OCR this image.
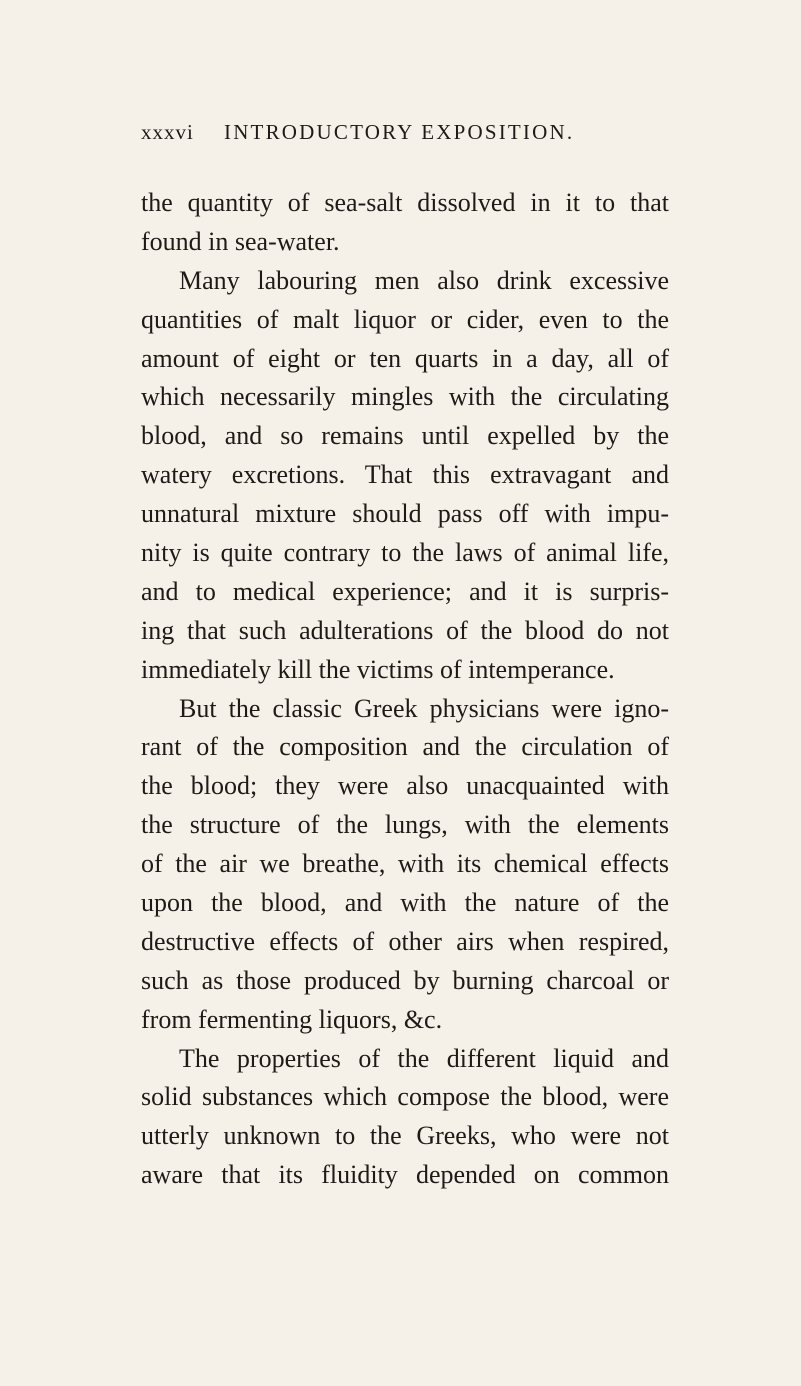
xxxvi INTRODUCTORY EXPOSITION.
the quantity of sea-salt dissolved in it to that
found in sea-water.
Many labouring men also drink excessive
quantities of malt liquor or cider, even to the
amount of eight or ten quarts in a day, all of
which necessarily mingles with the circulating
blood, and so remains until expelled by the
watery excretions. That this extravagant and
unnatural mixture should pass off with impu-
nity is quite contrary to the laws of animal life,
and to medical experience; and it is surpris-
ing that such adulterations of the blood do not
immediately kill the victims of intemperance.
But the classic Greek physicians were igno-
rant of the composition and the circulation of
the blood; they were also unacquainted with
the structure of the lungs, with the elements
of the air we breathe, with its chemical effects
upon the blood, and with the nature of the
destructive effects of other airs when respired,
such as those produced by burning charcoal or
from fermenting liquors, &c.
The properties of the different liquid and
solid substances which compose the blood, were
utterly unknown to the Greeks, who were not
aware that its fluidity depended on common
